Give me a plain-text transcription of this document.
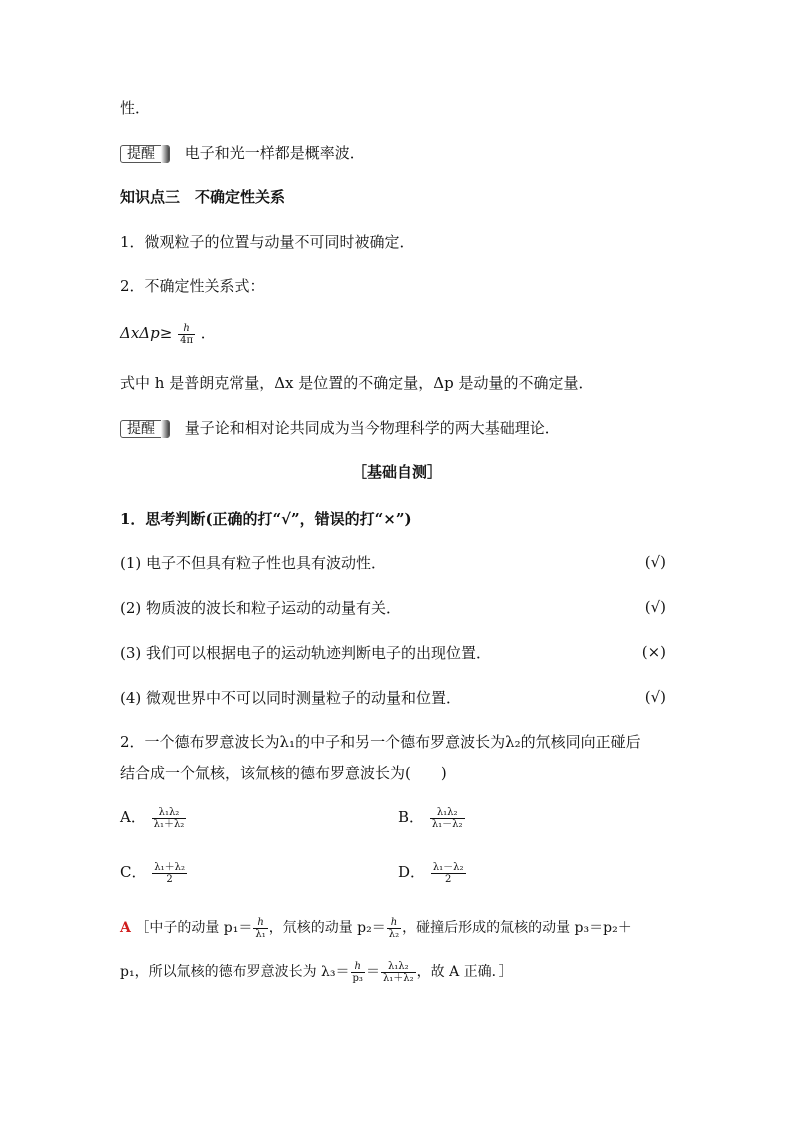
性．
提醒 电子和光一样都是概率波．
知识点三　不确定性关系
1．微观粒子的位置与动量不可同时被确定．
2．不确定性关系式：
$\Delta x\Delta p\ge \frac{h}{4\pi}$ ．
式中 h 是普朗克常量，Δx 是位置的不确定量，Δp 是动量的不确定量．
提醒 量子论和相对论共同成为当今物理科学的两大基础理论．
［基础自测］
1．思考判断(正确的打“√”，错误的打“×”)
(1) 电子不但具有粒子性也具有波动性．	(√)
(2) 物质波的波长和粒子运动的动量有关．	(√)
(3) 我们可以根据电子的运动轨迹判断电子的出现位置．	(×)
(4) 微观世界中不可以同时测量粒子的动量和位置．	(√)
2．一个德布罗意波长为λ₁的中子和另一个德布罗意波长为λ₂的氘核同向正碰后
结合成一个氚核，该氚核的德布罗意波长为(　　)
A． $\frac{\text{λ₁λ₂}}{\text{λ₁＋λ₂}}$	B． $\frac{\text{λ₁λ₂}}{\text{λ₁－λ₂}}$
C． $\frac{\text{λ₁＋λ₂}}{2}$	D． $\frac{\text{λ₁－λ₂}}{2}$
A ［中子的动量 $p_1= \frac{h}{\text{λ₁}}$ ，氘核的动量 $p_2= \frac{h}{\text{λ₂}}$ ，碰撞后形成的氚核的动量 p₃＝p₂＋
p₁，所以氚核的德布罗意波长为 $\lambda_3= \frac{h}{\text{p₃}} = \frac{\text{λ₁λ₂}}{\text{λ₁＋λ₂}}$ ，故 A 正确．］
